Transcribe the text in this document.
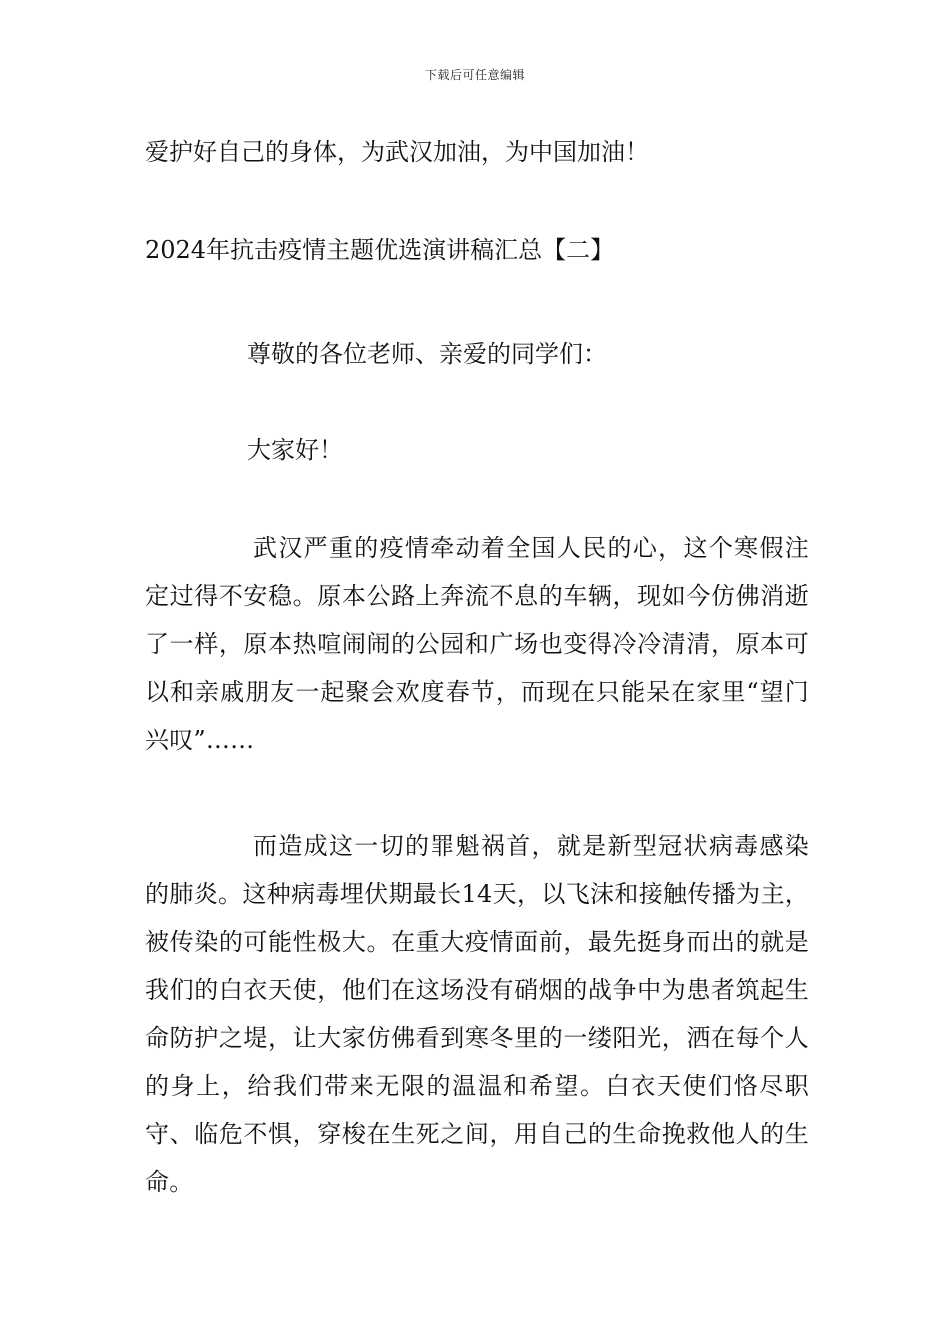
下载后可任意编辑
爱护好自己的身体，为武汉加油，为中国加油！
2024年抗击疫情主题优选演讲稿汇总【二】
尊敬的各位老师、亲爱的同学们：
大家好！

武汉严重的疫情牵动着全国人民的心，这个寒假注定过得不安稳。原本公路上奔流不息的车辆，现如今仿佛消逝了一样，原本热喧闹闹的公园和广场也变得冷冷清清，原本可以和亲戚朋友一起聚会欢度春节，而现在只能呆在家里“望门兴叹”……

而造成这一切的罪魁祸首，就是新型冠状病毒感染的肺炎。这种病毒埋伏期最长14天，以飞沫和接触传播为主，被传染的可能性极大。在重大疫情面前，最先挺身而出的就是我们的白衣天使，他们在这场没有硝烟的战争中为患者筑起生命防护之堤，让大家仿佛看到寒冬里的一缕阳光，洒在每个人的身上，给我们带来无限的温温和希望。白衣天使们恪尽职守、临危不惧，穿梭在生死之间，用自己的生命挽救他人的生命。
